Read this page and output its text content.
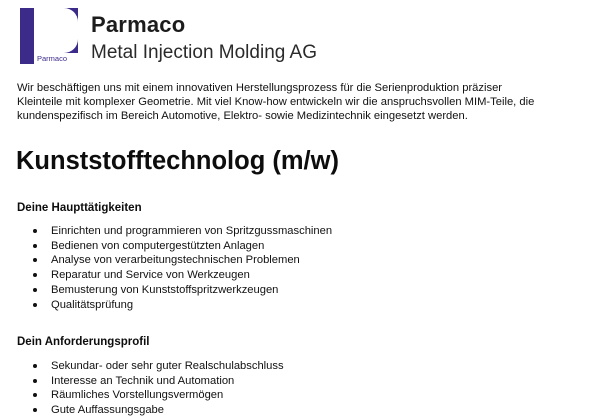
Parmaco
Parmaco
Metal Injection Molding AG

Wir beschäftigen uns mit einem innovativen Herstellungsprozess für die Serienproduktion präziser

Kleinteile mit komplexer Geometrie. Mit viel Know-how entwickeln wir die anspruchsvollen MIM-Teile, die

kundenspezifisch im Bereich Automotive, Elektro- sowie Medizintechnik eingesetzt werden.

Kunststofftechnolog (m/w)
Deine Haupttätigkeiten
Einrichten und programmieren von Spritzgussmaschinen
Bedienen von computergestützten Anlagen
Analyse von verarbeitungstechnischen Problemen
Reparatur und Service von Werkzeugen
Bemusterung von Kunststoffspritzwerkzeugen
Qualitätsprüfung
Dein Anforderungsprofil
Sekundar- oder sehr guter Realschulabschluss
Interesse an Technik und Automation
Räumliches Vorstellungsvermögen
Gute Auffassungsgabe
